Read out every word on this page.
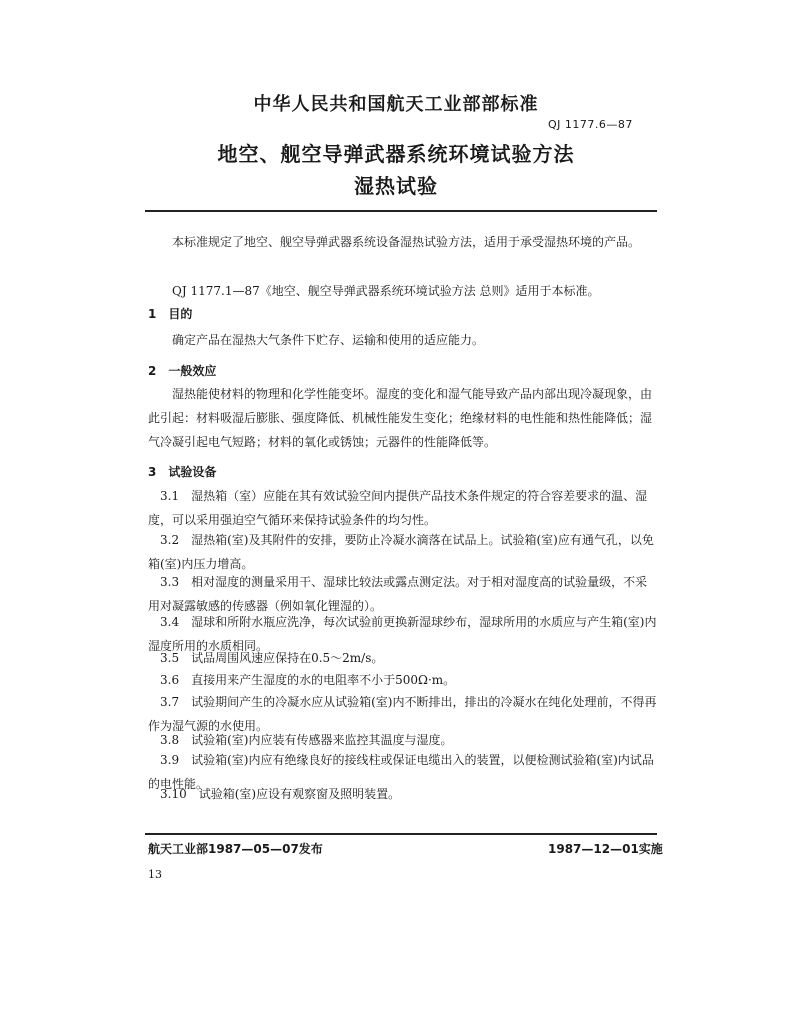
中华人民共和国航天工业部部标准
QJ 1177.6—87
地空、舰空导弹武器系统环境试验方法
湿热试验
本标准规定了地空、舰空导弹武器系统设备湿热试验方法，适用于承受湿热环境的产品。
QJ 1177.1—87《地空、舰空导弹武器系统环境试验方法 总则》适用于本标准。
1　目的
确定产品在湿热大气条件下贮存、运输和使用的适应能力。
2　一般效应
湿热能使材料的物理和化学性能变坏。湿度的变化和湿气能导致产品内部出现冷凝现象，由此引起：材料吸湿后膨胀、强度降低、机械性能发生变化；绝缘材料的电性能和热性能降低；湿气冷凝引起电气短路；材料的氧化或锈蚀；元器件的性能降低等。
3　试验设备
3.1　湿热箱（室）应能在其有效试验空间内提供产品技术条件规定的符合容差要求的温、湿度，可以采用强迫空气循环来保持试验条件的均匀性。
3.2　湿热箱(室)及其附件的安排，要防止冷凝水滴落在试品上。试验箱(室)应有通气孔，以免箱(室)内压力增高。
3.3　相对湿度的测量采用干、湿球比较法或露点测定法。对于相对湿度高的试验量级，不采用对凝露敏感的传感器（例如氧化锂湿的）。
3.4　湿球和所附水瓶应洗净，每次试验前更换新湿球纱布，湿球所用的水质应与产生箱(室)内湿度所用的水质相同。
3.5　试品周围风速应保持在0.5～2m/s。
3.6　直接用来产生湿度的水的电阻率不小于500Ω·m。
3.7　试验期间产生的冷凝水应从试验箱(室)内不断排出，排出的冷凝水在纯化处理前，不得再作为湿气源的水使用。
3.8　试验箱(室)内应装有传感器来监控其温度与湿度。
3.9　试验箱(室)内应有绝缘良好的接线柱或保证电缆出入的装置，以便检测试验箱(室)内试品的电性能。
3.10　试验箱(室)应设有观察窗及照明装置。
航天工业部1987—05—07发布	1987—12—01实施
13
